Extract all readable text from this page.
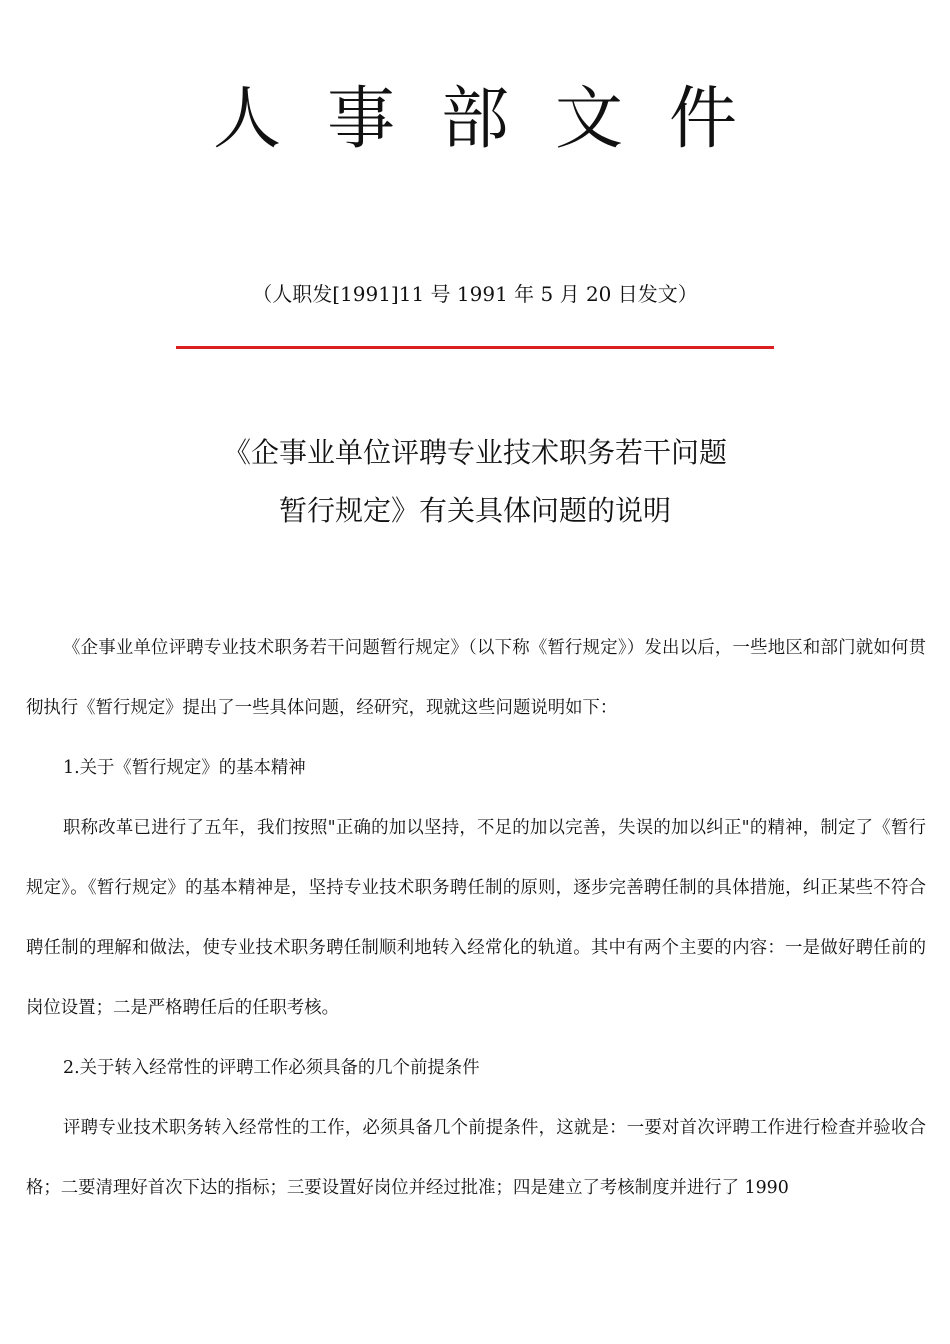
人事部文件
（人职发[1991]11 号 1991 年 5 月 20 日发文）
《企事业单位评聘专业技术职务若干问题
暂行规定》有关具体问题的说明

《企事业单位评聘专业技术职务若干问题暂行规定》（以下称《暂行规定》）发出以后，一些地区和部门就如何贯彻执行《暂行规定》提出了一些具体问题，经研究，现就这些问题说明如下：

1.关于《暂行规定》的基本精神

职称改革已进行了五年，我们按照"正确的加以坚持，不足的加以完善，失误的加以纠正"的精神，制定了《暂行规定》。《暂行规定》的基本精神是，坚持专业技术职务聘任制的原则，逐步完善聘任制的具体措施，纠正某些不符合聘任制的理解和做法，使专业技术职务聘任制顺利地转入经常化的轨道。其中有两个主要的内容：一是做好聘任前的岗位设置；二是严格聘任后的任职考核。

2.关于转入经常性的评聘工作必须具备的几个前提条件

评聘专业技术职务转入经常性的工作，必须具备几个前提条件，这就是：一要对首次评聘工作进行检查并验收合格；二要清理好首次下达的指标；三要设置好岗位并经过批准；四是建立了考核制度并进行了 1990
